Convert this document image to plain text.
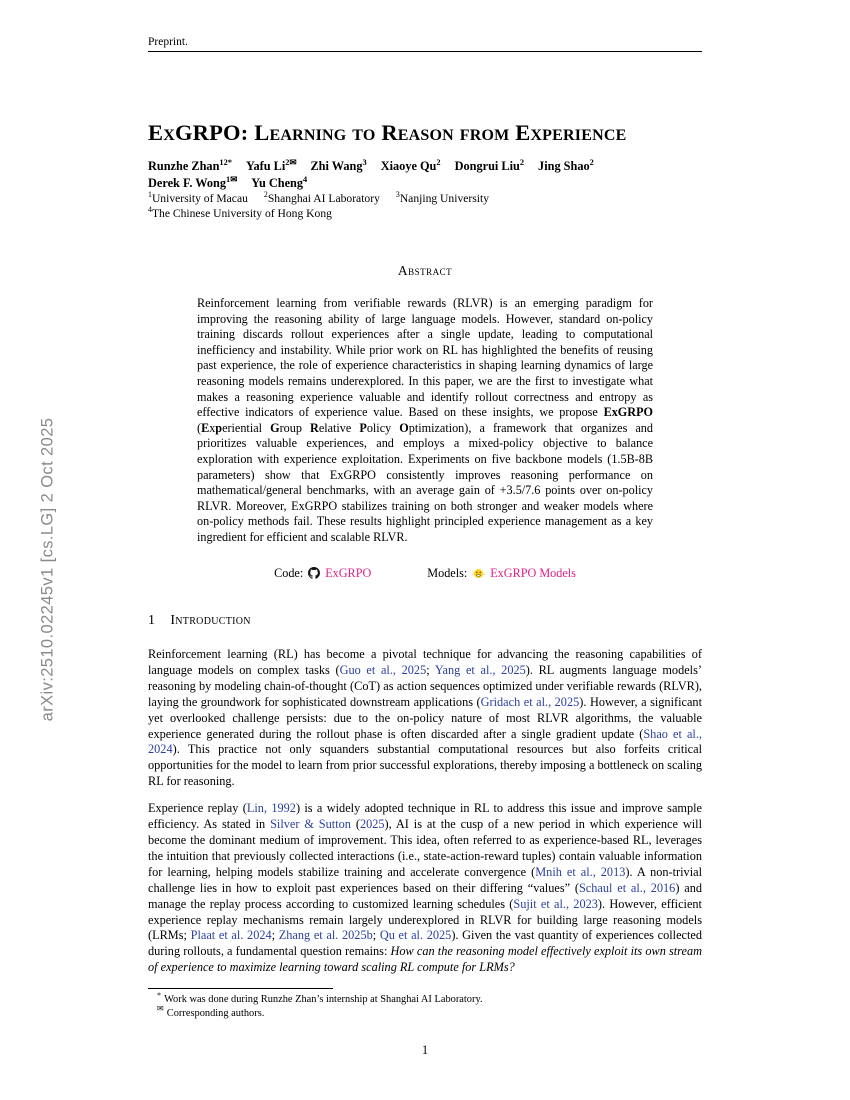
arXiv:2510.02245v1 [cs.LG] 2 Oct 2025
Preprint.
ExGRPO: Learning to Reason from Experience
Runzhe Zhan$^{12*}$ Yafu $Li^{2✉}$ Zhi Wang$^3$ Xiaoye Qu$^2$ Dongrui Liu$^2$ Jing Shao$^2$
Derek F. Wong$^{1✉}$ Yu Cheng$^4$
$^1$University of Macau $^2$Shanghai AI Laboratory $^3$Nanjing University
$^4$The Chinese University of Hong Kong
Abstract
Reinforcement learning from verifiable rewards (RLVR) is an emerging paradigm for improving the reasoning ability of large language models. However, standard on-policy training discards rollout experiences after a single update, leading to computational inefficiency and instability. While prior work on RL has highlighted the benefits of reusing past experience, the role of experience characteristics in shaping learning dynamics of large reasoning models remains underexplored. In this paper, we are the first to investigate what makes a reasoning experience valuable and identify rollout correctness and entropy as effective indicators of experience value. Based on these insights, we propose ExGRPO (Experiential Group Relative Policy Optimization), a framework that organizes and prioritizes valuable experiences, and employs a mixed-policy objective to balance exploration with experience exploitation. Experiments on five backbone models (1.5B-8B parameters) show that ExGRPO consistently improves reasoning performance on mathematical/general benchmarks, with an average gain of +3.5/7.6 points over on-policy RLVR. Moreover, ExGRPO stabilizes training on both stronger and weaker models where on-policy methods fail. These results highlight principled experience management as a key ingredient for efficient and scalable RLVR.
Code: ExGRPO	Models: ExGRPO Models
1 Introduction

Reinforcement learning (RL) has become a pivotal technique for advancing the reasoning capabilities of language models on complex tasks (Guo et al., 2025; Yang et al., 2025). RL augments language models’ reasoning by modeling chain-of-thought (CoT) as action sequences optimized under verifiable rewards (RLVR), laying the groundwork for sophisticated downstream applications (Gridach et al., 2025). However, a significant yet overlooked challenge persists: due to the on-policy nature of most RLVR algorithms, the valuable experience generated during the rollout phase is often discarded after a single gradient update (Shao et al., 2024). This practice not only squanders substantial computational resources but also forfeits critical opportunities for the model to learn from prior successful explorations, thereby imposing a bottleneck on scaling RL for reasoning.

Experience replay (Lin, 1992) is a widely adopted technique in RL to address this issue and improve sample efficiency. As stated in Silver & Sutton (2025), AI is at the cusp of a new period in which experience will become the dominant medium of improvement. This idea, often referred to as experience-based RL, leverages the intuition that previously collected interactions (i.e., state-action-reward tuples) contain valuable information for learning, helping models stabilize training and accelerate convergence (Mnih et al., 2013). A non-trivial challenge lies in how to exploit past experiences based on their differing “values” (Schaul et al., 2016) and manage the replay process according to customized learning schedules (Sujit et al., 2023). However, efficient experience replay mechanisms remain largely underexplored in RLVR for building large reasoning models (LRMs; Plaat et al. 2024; Zhang et al. 2025b; Qu et al. 2025). Given the vast quantity of experiences collected during rollouts, a fundamental question remains: How can the reasoning model effectively exploit its own stream of experience to maximize learning toward scaling RL compute for LRMs?

* Work was done during Runzhe Zhan’s internship at Shanghai AI Laboratory.
✉ Corresponding authors.
1
